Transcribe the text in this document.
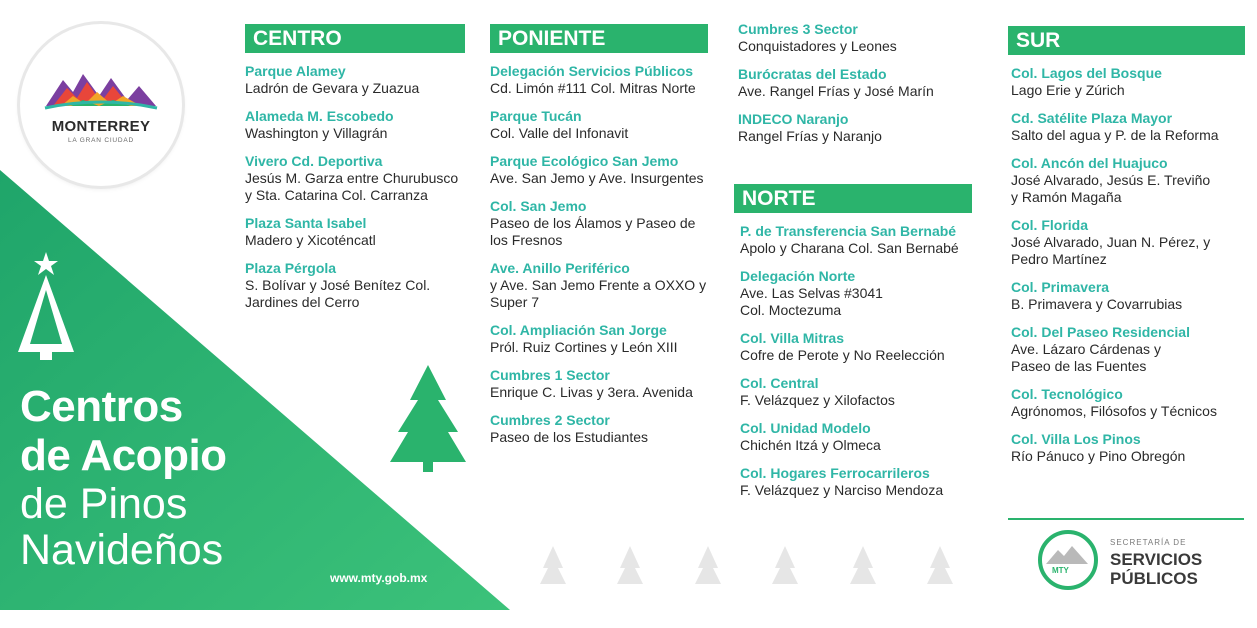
MONTERREY
LA GRAN CIUDAD
Centros
de Acopio
de Pinos
Navideños
www.mty.gob.mx
CENTRO
Parque Alamey
Ladrón de Gevara y Zuazua
Alameda M. Escobedo
Washington y Villagrán
Vivero Cd. Deportiva
Jesús M. Garza entre Churubusco y Sta. Catarina Col. Carranza
Plaza Santa Isabel
Madero y Xicoténcatl
Plaza Pérgola
S. Bolívar y José Benítez Col. Jardines del Cerro
PONIENTE
Delegación Servicios Públicos
Cd. Limón #111 Col. Mitras Norte
Parque Tucán
Col. Valle del Infonavit
Parque Ecológico San Jemo
Ave. San Jemo y Ave. Insurgentes
Col. San Jemo
Paseo de los Álamos y Paseo de los Fresnos
Ave. Anillo Periférico
y Ave. San Jemo Frente a OXXO y Super 7
Col. Ampliación San Jorge
Pról. Ruiz Cortines y León XIII
Cumbres 1 Sector
Enrique C. Livas y 3era. Avenida
Cumbres 2 Sector
Paseo de los Estudiantes
Cumbres 3 Sector
Conquistadores y Leones
Burócratas del Estado
Ave. Rangel Frías y José Marín
INDECO Naranjo
Rangel Frías y Naranjo
NORTE
P. de Transferencia San Bernabé
Apolo y Charana Col. San Bernabé
Delegación Norte
Ave. Las Selvas #3041 Col. Moctezuma
Col. Villa Mitras
Cofre de Perote y No Reelección
Col. Central
F. Velázquez y Xilofactos
Col. Unidad Modelo
Chichén Itzá y Olmeca
Col. Hogares Ferrocarrileros
F. Velázquez y Narciso Mendoza
SUR
Col. Lagos del Bosque
Lago Erie y Zúrich
Cd. Satélite Plaza Mayor
Salto del agua y P. de la Reforma
Col. Ancón del Huajuco
José Alvarado, Jesús E. Treviño y Ramón Magaña
Col. Florida
José Alvarado, Juan N. Pérez, y Pedro Martínez
Col. Primavera
B. Primavera y Covarrubias
Col. Del Paseo Residencial
Ave. Lázaro Cárdenas y Paseo de las Fuentes
Col. Tecnológico
Agrónomos, Filósofos y Técnicos
Col. Villa Los Pinos
Río Pánuco y Pino Obregón
MTY
SECRETARÍA DE
SERVICIOS PÚBLICOS
